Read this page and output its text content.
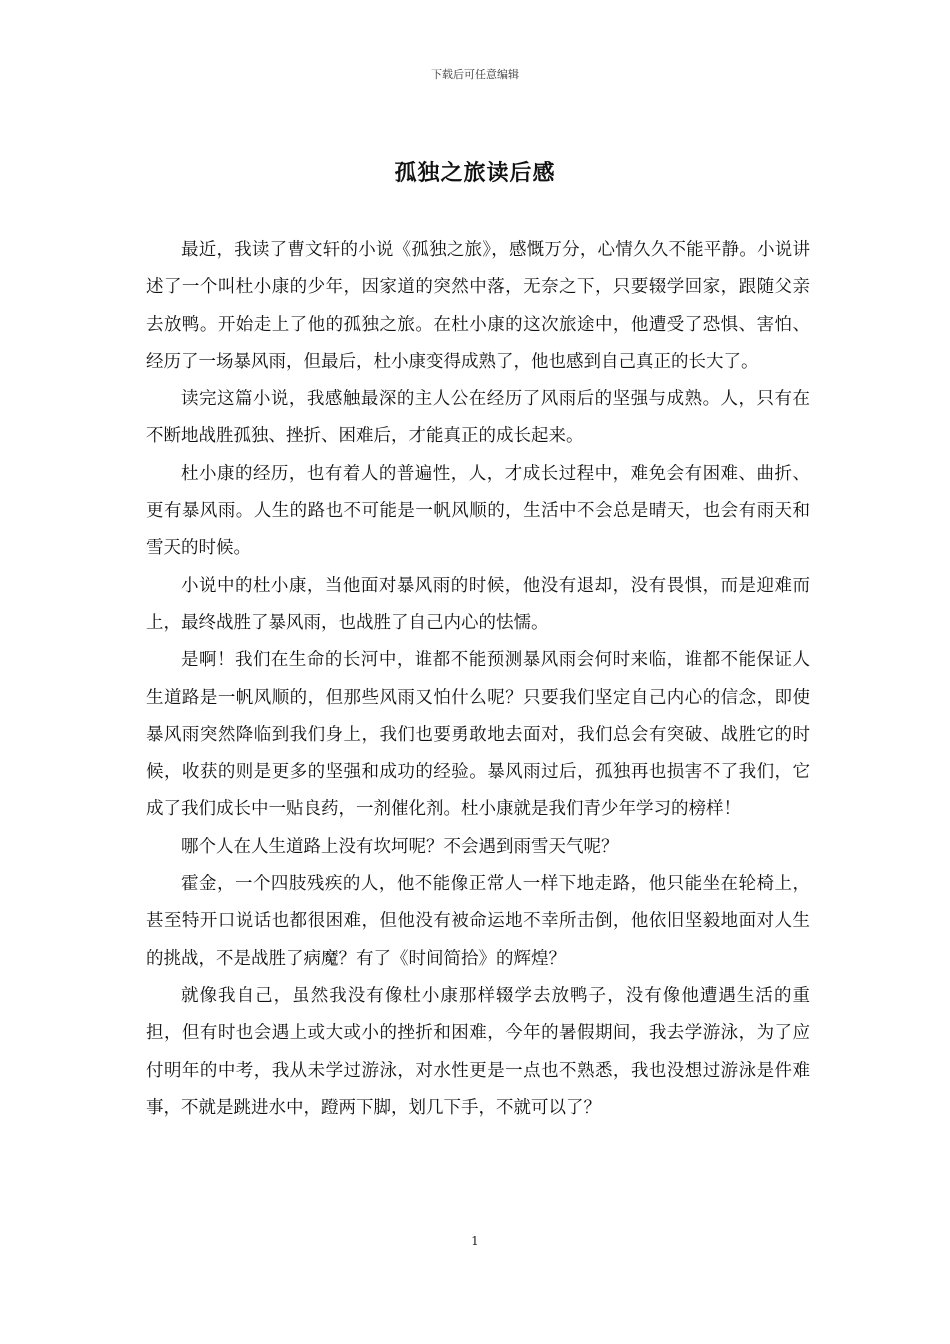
下载后可任意编辑
孤独之旅读后感

最近，我读了曹文轩的小说《孤独之旅》，感慨万分，心情久久不能平静。小说讲述了一个叫杜小康的少年，因家道的突然中落，无奈之下，只要辍学回家，跟随父亲去放鸭。开始走上了他的孤独之旅。在杜小康的这次旅途中，他遭受了恐惧、害怕、经历了一场暴风雨，但最后，杜小康变得成熟了，他也感到自己真正的长大了。

读完这篇小说，我感触最深的主人公在经历了风雨后的坚强与成熟。人，只有在不断地战胜孤独、挫折、困难后，才能真正的成长起来。

杜小康的经历，也有着人的普遍性，人，才成长过程中，难免会有困难、曲折、更有暴风雨。人生的路也不可能是一帆风顺的，生活中不会总是晴天，也会有雨天和雪天的时候。

小说中的杜小康，当他面对暴风雨的时候，他没有退却，没有畏惧，而是迎难而上，最终战胜了暴风雨，也战胜了自己内心的怯懦。

是啊！我们在生命的长河中，谁都不能预测暴风雨会何时来临，谁都不能保证人生道路是一帆风顺的，但那些风雨又怕什么呢？只要我们坚定自己内心的信念，即使暴风雨突然降临到我们身上，我们也要勇敢地去面对，我们总会有突破、战胜它的时候，收获的则是更多的坚强和成功的经验。暴风雨过后，孤独再也损害不了我们，它成了我们成长中一贴良药，一剂催化剂。杜小康就是我们青少年学习的榜样！

哪个人在人生道路上没有坎坷呢？不会遇到雨雪天气呢？

霍金，一个四肢残疾的人，他不能像正常人一样下地走路，他只能坐在轮椅上，甚至特开口说话也都很困难，但他没有被命运地不幸所击倒，他依旧坚毅地面对人生的挑战，不是战胜了病魔？有了《时间简拾》的辉煌？

就像我自己，虽然我没有像杜小康那样辍学去放鸭子，没有像他遭遇生活的重担，但有时也会遇上或大或小的挫折和困难，今年的暑假期间，我去学游泳，为了应付明年的中考，我从未学过游泳，对水性更是一点也不熟悉，我也没想过游泳是件难事，不就是跳进水中，蹬两下脚，划几下手，不就可以了？

1
